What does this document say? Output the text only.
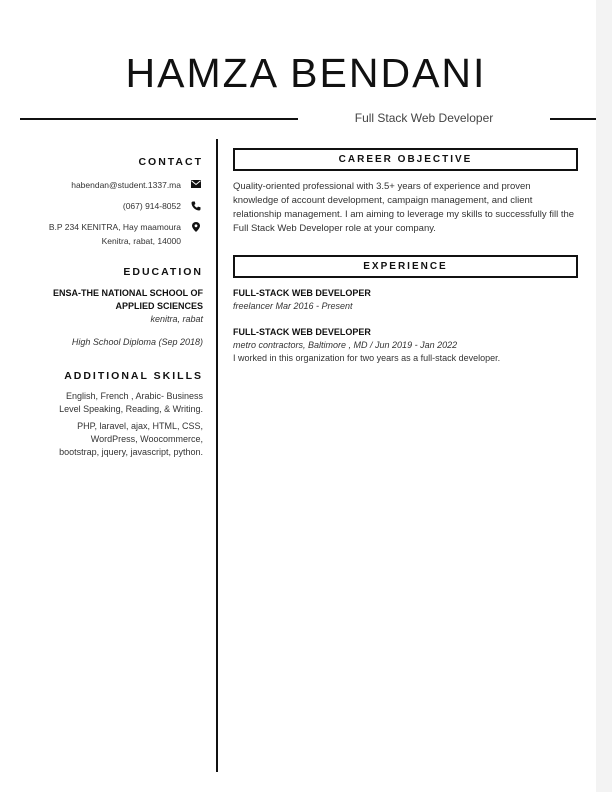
HAMZA BENDANI
Full Stack Web Developer
CONTACT
habendan@student.1337.ma
(067) 914-8052
B.P 234 KENITRA, Hay maamoura
Kenitra, rabat, 14000
EDUCATION
ENSA-THE NATIONAL SCHOOL OF
APPLIED SCIENCES
kenitra, rabat
High School Diploma (Sep 2018)
ADDITIONAL SKILLS
English, French , Arabic- Business
Level Speaking, Reading, & Writing.
PHP, laravel, ajax, HTML, CSS,
WordPress, Woocommerce,
bootstrap, jquery, javascript, python.
CAREER OBJECTIVE
Quality-oriented professional with 3.5+ years of experience and proven knowledge of account development, campaign management, and client relationship management. I am aiming to leverage my skills to successfully fill the Full Stack Web Developer role at your company.
EXPERIENCE
FULL-STACK WEB DEVELOPER
freelancer Mar 2016 - Present
FULL-STACK WEB DEVELOPER
metro contractors, Baltimore , MD / Jun 2019 - Jan 2022
I worked in this organization for two years as a full-stack developer.
